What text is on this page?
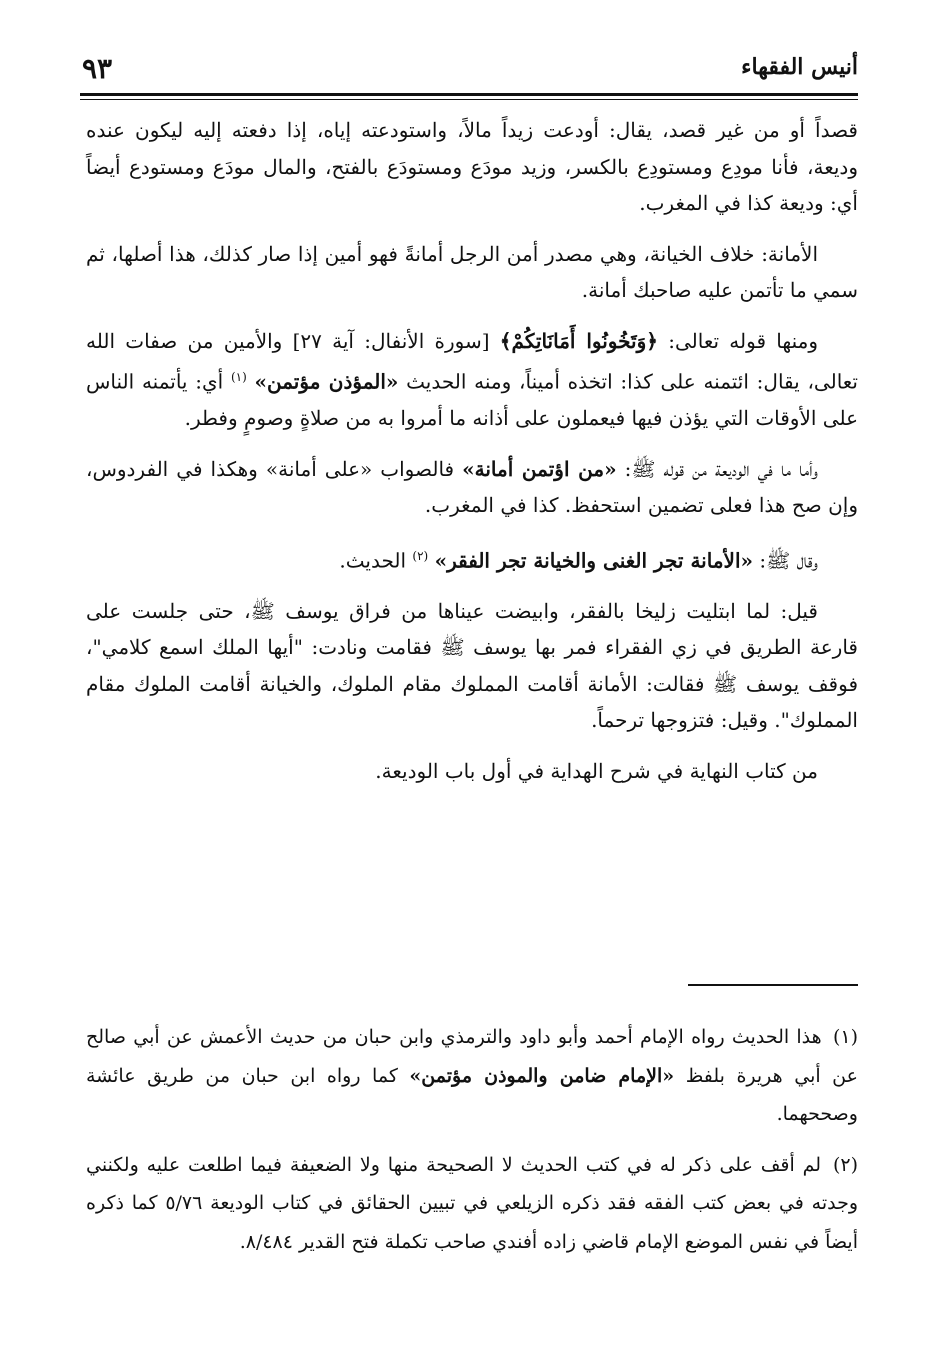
أنيس الفقهاء
٩٣

قصداً أو من غير قصد، يقال: أودعت زيداً مالاً، واستودعته إياه، إذا دفعته إليه ليكون عنده وديعة، فأنا مودِع ومستودِع بالكسر، وزيد مودَع ومستودَع بالفتح، والمال مودَع ومستودع أيضاً أي: وديعة كذا في المغرب.

الأمانة: خلاف الخيانة، وهي مصدر أمن الرجل أمانةً فهو أمين إذا صار كذلك، هذا أصلها، ثم سمي ما تأتمن عليه صاحبك أمانة.

ومنها قوله تعالى: ﴿وَتَخُونُوا أَمَانَاتِكُمْ﴾ [سورة الأنفال: آية ٢٧] والأمين من صفات الله تعالى، يقال: ائتمنه على كذا: اتخذه أميناً، ومنه الحديث «المؤذن مؤتمن» $^{(١)}$ أي: يأتمنه الناس على الأوقات التي يؤذن فيها فيعملون على أذانه ما أمروا به من صلاةٍ وصومٍ وفطر.

وأما ما في الوديعة من قوله ﷺ: «من اؤتمن أمانة» فالصواب «على أمانة» وهكذا في الفردوس، وإن صح هذا فعلى تضمين استحفظ. كذا في المغرب.

وقال ﷺ: «الأمانة تجر الغنى والخيانة تجر الفقر» $^{(٢)}$ الحديث.

قيل: لما ابتليت زليخا بالفقر، وابيضت عيناها من فراق يوسف ﷺ، حتى جلست على قارعة الطريق في زي الفقراء فمر بها يوسف ﷺ فقامت ونادت: "أيها الملك اسمع كلامي"، فوقف يوسف ﷺ فقالت: الأمانة أقامت المملوك مقام الملوك، والخيانة أقامت الملوك مقام المملوك". وقيل: فتزوجها ترحماً.

من كتاب النهاية في شرح الهداية في أول باب الوديعة.

(١) هذا الحديث رواه الإمام أحمد وأبو داود والترمذي وابن حبان من حديث الأعمش عن أبي صالح عن أبي هريرة بلفظ «الإمام ضامن والموذن مؤتمن» كما رواه ابن حبان من طريق عائشة وصححهما.

(٢) لم أقف على ذكر له في كتب الحديث لا الصحيحة منها ولا الضعيفة فيما اطلعت عليه ولكنني وجدته في بعض كتب الفقه فقد ذكره الزيلعي في تبيين الحقائق في كتاب الوديعة ٥/٧٦ كما ذكره أيضاً في نفس الموضع الإمام قاضي زاده أفندي صاحب تكملة فتح القدير ٨/٤٨٤.
